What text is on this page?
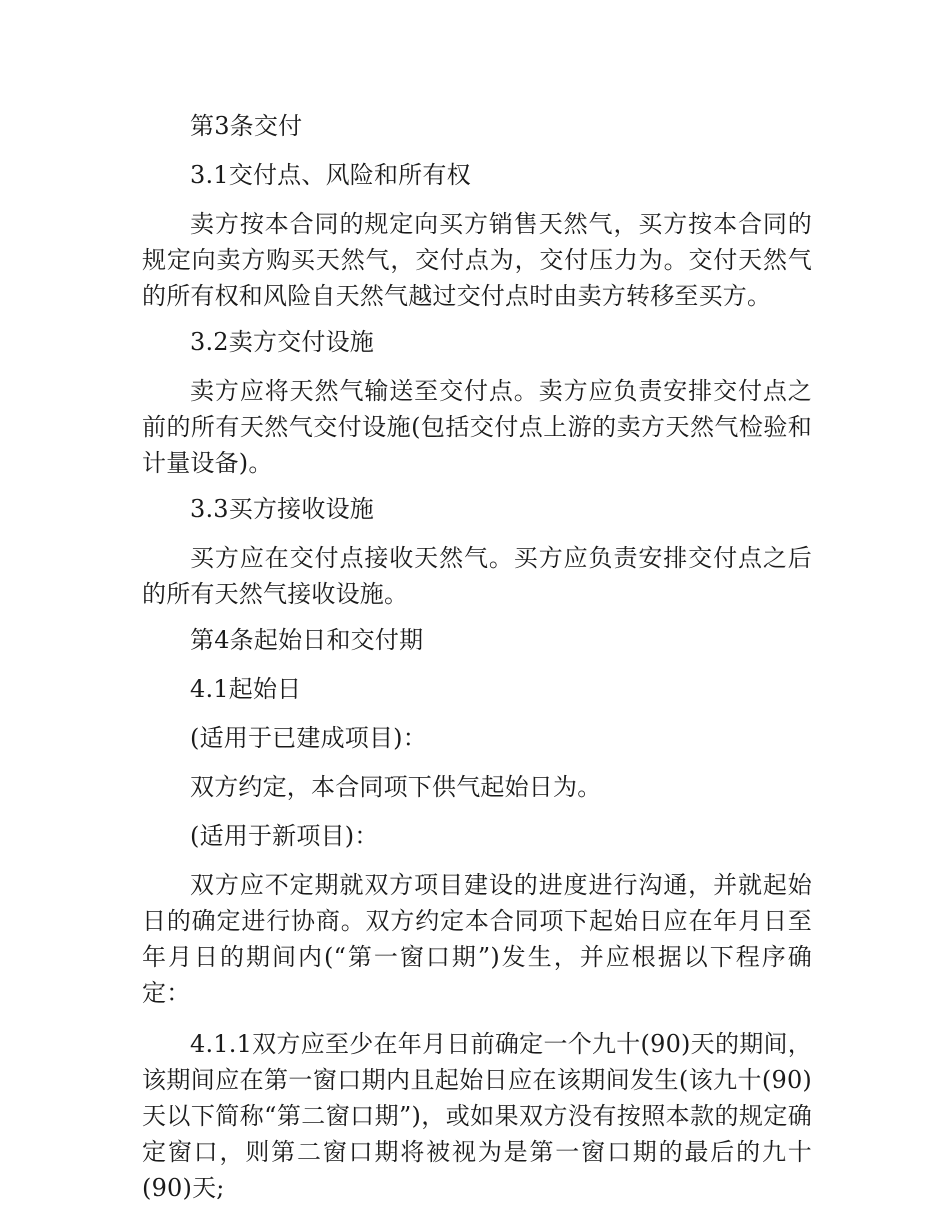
第3条交付

3.1交付点、风险和所有权

卖方按本合同的规定向买方销售天然气，买方按本合同的规定向卖方购买天然气，交付点为，交付压力为。交付天然气的所有权和风险自天然气越过交付点时由卖方转移至买方。

3.2卖方交付设施

卖方应将天然气输送至交付点。卖方应负责安排交付点之前的所有天然气交付设施(包括交付点上游的卖方天然气检验和计量设备)。

3.3买方接收设施

买方应在交付点接收天然气。买方应负责安排交付点之后的所有天然气接收设施。

第4条起始日和交付期

4.1起始日

(适用于已建成项目)：

双方约定，本合同项下供气起始日为。

(适用于新项目)：

双方应不定期就双方项目建设的进度进行沟通，并就起始日的确定进行协商。双方约定本合同项下起始日应在年月日至年月日的期间内(“第一窗口期”)发生，并应根据以下程序确定：

4.1.1双方应至少在年月日前确定一个九十(90)天的期间，该期间应在第一窗口期内且起始日应在该期间发生(该九十(90)天以下简称“第二窗口期”)，或如果双方没有按照本款的规定确定窗口，则第二窗口期将被视为是第一窗口期的最后的九十(90)天;
